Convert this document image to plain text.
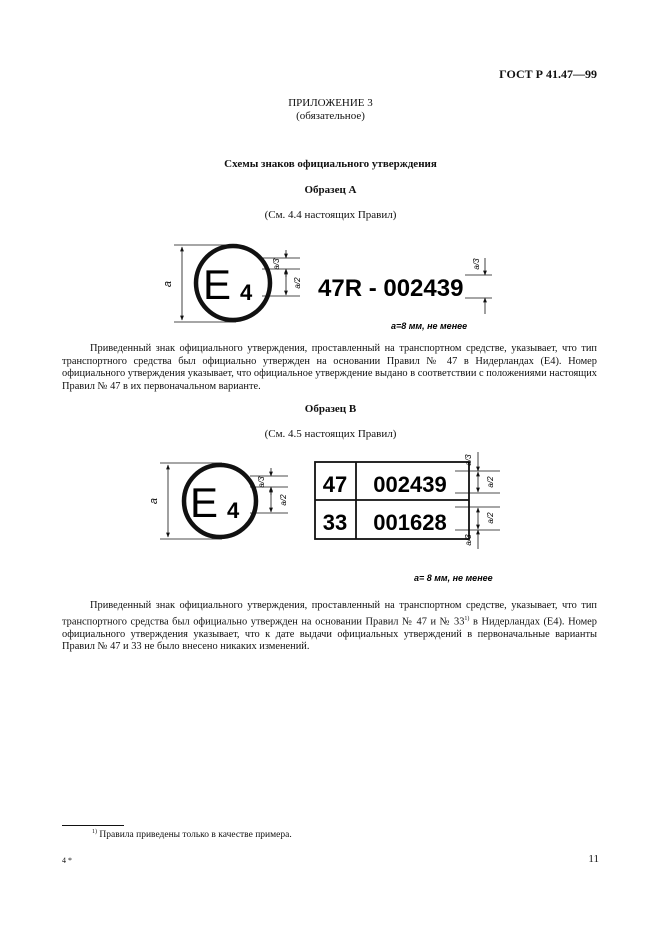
ГОСТ Р 41.47—99
ПРИЛОЖЕНИЕ 3
(обязательное)
Схемы знаков официального утверждения
Образец А
(См. 4.4 настоящих Правил)
a E 4
a/3
a/2 47R - 002439
a/3
a=8 мм, не менее
a E 4
a/3
a/2
47 002439
33 001628
a/3
a/2
a/2
a/3
a= 8 мм, не менее

Приведенный знак официального утверждения, проставленный на транспортном средстве, указывает, что тип транспортного средства был официально утвержден на основании Правил № 47 в Нидерландах (E4). Номер официального утверждения указывает, что официальное утверждение выдано в соответствии с положениями настоящих Правил № 47 в их первоначальном варианте.

Образец В
(См. 4.5 настоящих Правил)

Приведенный знак официального утверждения, проставленный на транспортном средстве, указывает, что тип транспортного средства был официально утвержден на основании Правил № 47 и № 33$^{1)}$ в Нидерландах (E4). Номер официального утверждения указывает, что к дате выдачи официальных утверждений в первоначальные варианты Правил № 47 и 33 не было внесено никаких изменений.

$^{1)}$ Правила приведены только в качестве примера.
4 *	11
